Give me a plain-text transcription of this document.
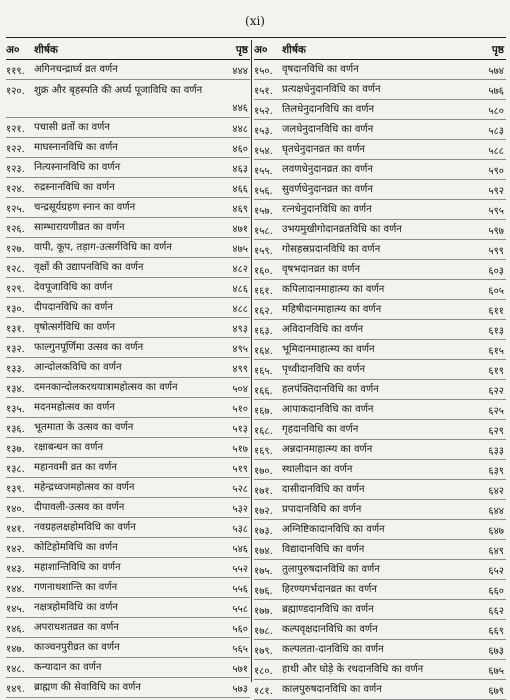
(xi)
अ०	शीर्षक	पृष्ठ
११९. अगिनचन्द्रार्घ्य व्रत वर्णन	४४४
१२०. शुक्र और बृहस्पति की अर्घ्य पूजाविधि का वर्णन
४४६
१२१. पचासी व्रतों का वर्णन	४४८
१२२. माघस्नानविधि का वर्णन	४६०
१२३. नित्यस्नानविधि का वर्णन	४६३
१२४. रुद्रस्नानविधि का वर्णन	४६६
१२५. चन्द्रसूर्यग्रहण स्नान का वर्णन	४६९
१२६. साम्भारायणीव्रत का वर्णन	४७१
१२७. वापी, कूप, तड़ाग-उत्सर्गविधि का वर्णन	४७५
१२८. वृक्षों की उद्यापनविधि का वर्णन	४८२
१२९. देवपूजाविधि का वर्णन	४८६
१३०. दीपदानविधि का वर्णन	४८८
१३१. वृषोत्सर्गविधि का वर्णन	४९३
१३२. फाल्गुनपूर्णिमा उत्सव का वर्णन	४९५
१३३. आन्दोलकविधि का वर्णन	४९९
१३४. दमनकान्दोलकरथयात्रामहोत्सव का वर्णन	५०४
१३५. मदनमहोत्सव का वर्णन	५१०
१३६. भूतमाता के उत्सव का वर्णन	५१३
१३७. रक्षाबन्धन का वर्णन	५१७
१३८. महानवमी व्रत का वर्णन	५१९
१३९. महेन्द्रध्वजमहोत्सव का वर्णन	५२८
१४०. दीपावली-उत्सव का वर्णन	५३२
१४१. नवग्रहलक्षहोमविधि का वर्णन	५३८
१४२. कोटिहोमविधि का वर्णन	५४६
१४३. महाशान्तिविधि का वर्णन	५५२
१४४. गणनाथशान्ति का वर्णन	५५६
१४५. नक्षत्रहोमविधि का वर्णन	५५८
१४६. अपराधशतव्रत का वर्णन	५६०
१४७. काञ्चनपुरीव्रत का वर्णन	५६५
१४८. कन्यादान का वर्णन	५७१
१४९. ब्राह्मण की सेवाविधि का वर्णन	५७३
अ०	शीर्षक	पृष्ठ
१५०. वृषदानविधि का वर्णन	५७४
१५१. प्रत्यक्षधेनुदानविधि का वर्णन	५७६
१५२. तिलधेनुदानविधि का वर्णन	५८०
१५३. जलधेनुदानविधि का वर्णन	५८३
१५४. घृतधेनुदानव्रत का वर्णन	५८८
१५५. लवणधेनुदानव्रत का वर्णन	५९०
१५६. सुवर्णधेनुदानव्रत का वर्णन	५९२
१५७. रत्नधेनुदानविधि का वर्णन	५९५
१५८. उभयमुखीगोदानव्रतविधि का वर्णन	५९७
१५९. गोसहस्रप्रदानविधि का वर्णन	५९९
१६०. वृषभदानव्रत का वर्णन	६०३
१६१. कपिलादानमाहात्म्य का वर्णन	६०५
१६२. महिषीदानमाहात्म्य का वर्णन	६११
१६३. अविदानविधि का वर्णन	६१३
१६४. भूमिदानमाहात्म्य का वर्णन	६१५
१६५. पृथ्वीदानविधि का वर्णन	६१९
१६६. हलपंक्तिदानविधि का वर्णन	६२२
१६७. आपाकदानविधि का वर्णन	६२५
१६८. गृहदानविधि का वर्णन	६२९
१६९. अन्नदानमाहात्म्य का वर्णन	६३३
१७०. स्थालीदान का वर्णन	६३९
१७१. दासीदानविधि का वर्णन	६४२
१७२. प्रपादानविधि का वर्णन	६४४
१७३. अग्निष्टिकादानविधि का वर्णन	६४७
१७४. विद्यादानविधि का वर्णन	६४९
१७५. तुलापुरुषदानविधि का वर्णन	६५२
१७६. हिरण्यगर्भदानव्रत का वर्णन	६६०
१७७. ब्रह्माण्डदानविधि का वर्णन	६६२
१७८. कल्पवृक्षदानविधि का वर्णन	६६९
१७९. कल्पलता-दानविधि का वर्णन	६७३
१८०. हाथी और घोड़े के रथदानविधि का वर्णन	६७५
१८१. कालपुरुषदानविधि का वर्णन	६७९
